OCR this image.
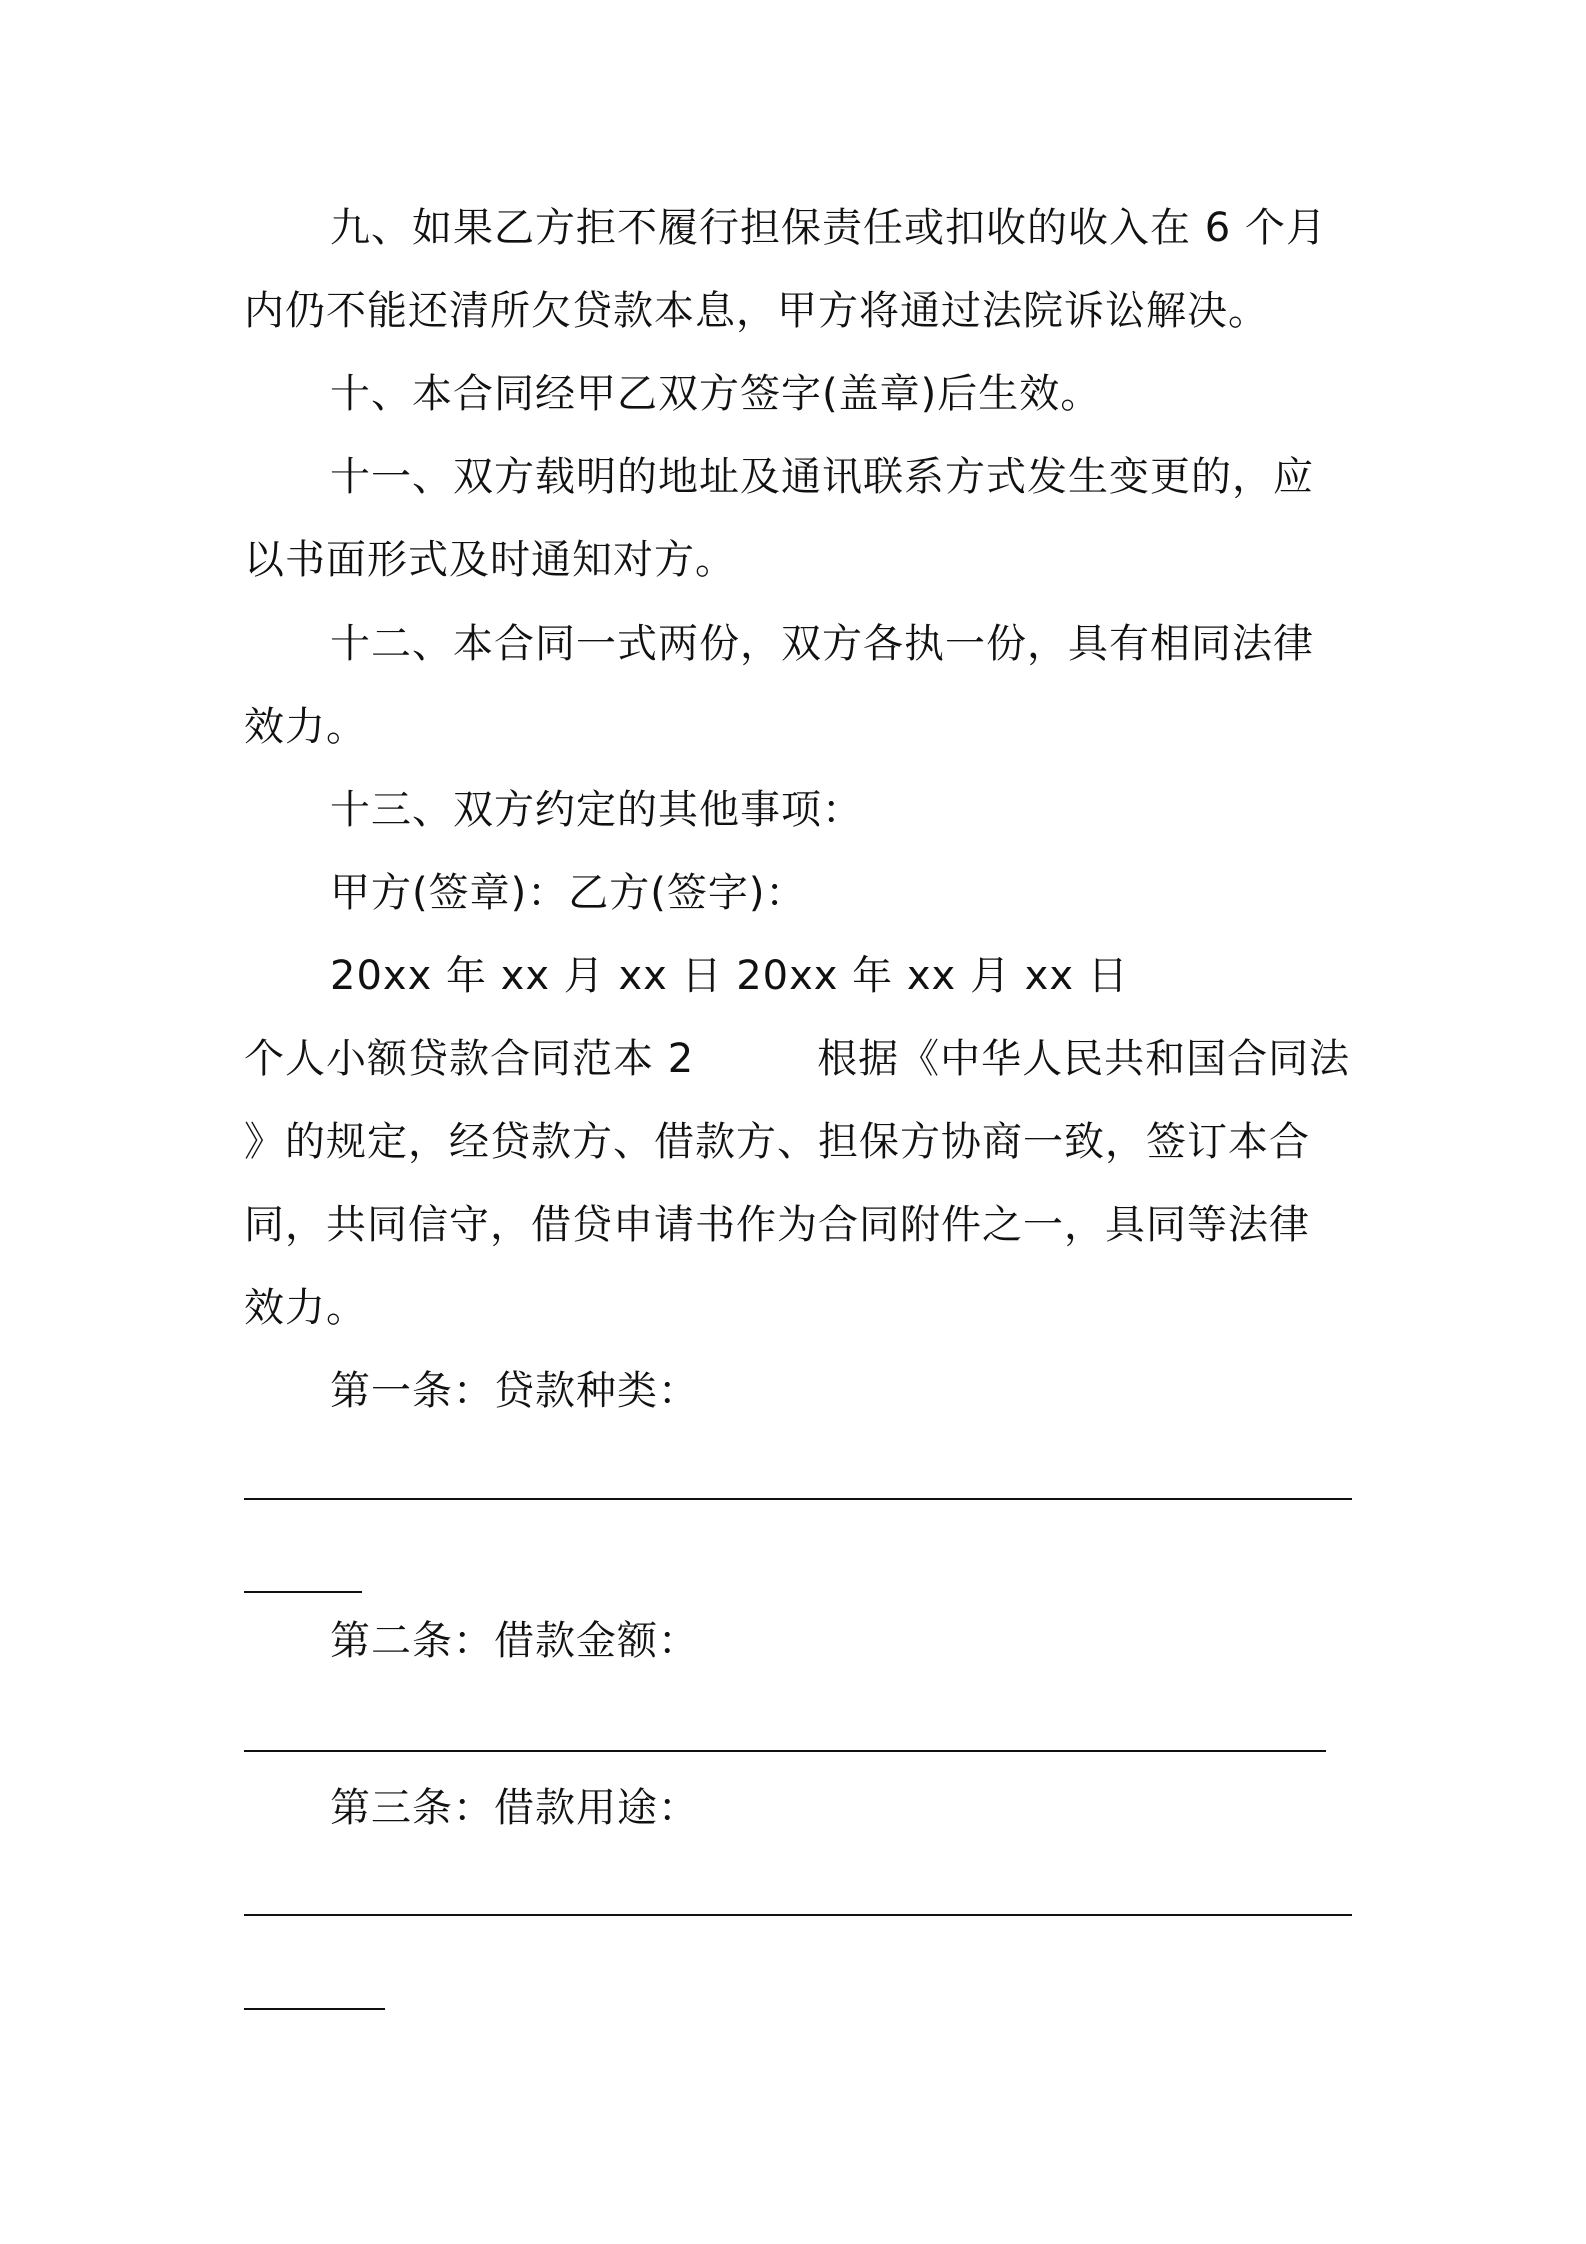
九、如果乙方拒不履行担保责任或扣收的收入在 6 个月
内仍不能还清所欠贷款本息，甲方将通过法院诉讼解决。
十、本合同经甲乙双方签字(盖章)后生效。
十一、双方载明的地址及通讯联系方式发生变更的，应
以书面形式及时通知对方。
十二、本合同一式两份，双方各执一份，具有相同法律
效力。
十三、双方约定的其他事项：
甲方(签章)：乙方(签字)：
20xx 年 xx 月 xx 日 20xx 年 xx 月 xx 日
个人小额贷款合同范本 2　　　根据《中华人民共和国合同法
》的规定，经贷款方、借款方、担保方协商一致，签订本合
同，共同信守，借贷申请书作为合同附件之一，具同等法律
效力。
第一条：贷款种类：
第二条：借款金额：
第三条：借款用途：
